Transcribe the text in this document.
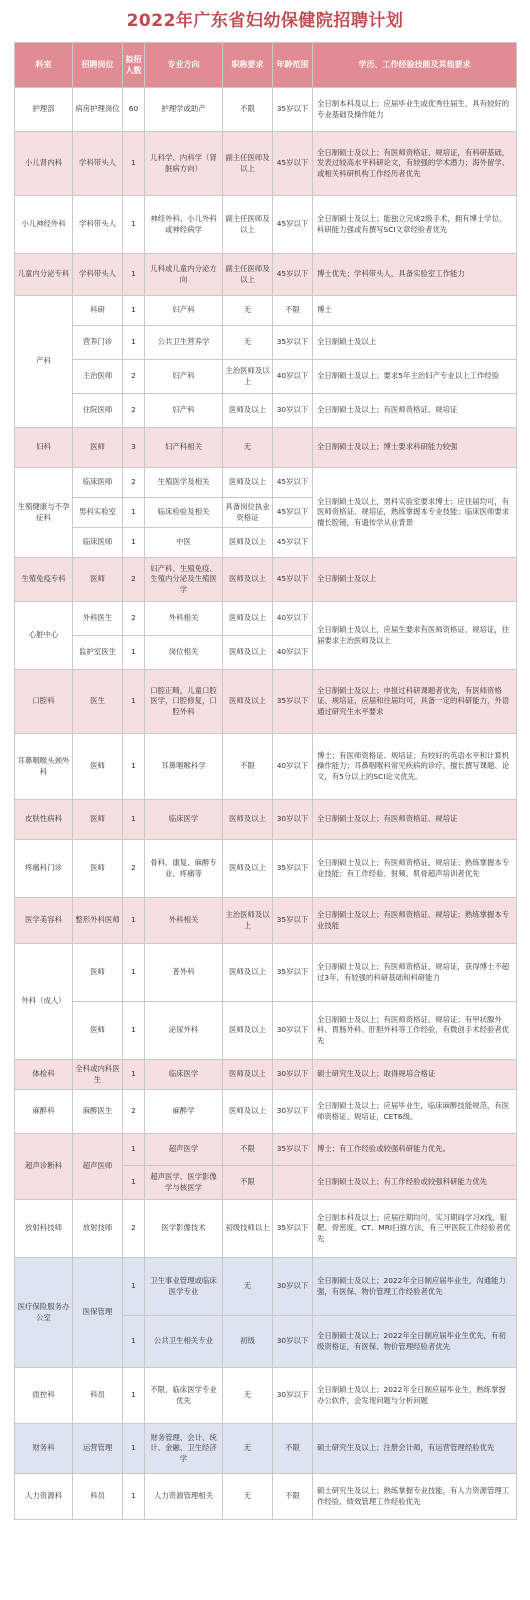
2022年广东省妇幼保健院招聘计划
科室	招聘岗位	拟招人数	专业方向	职称要求	年龄范围	学历、工作经验技能及其他要求
护理部	病房护理岗位	60	护理学或助产	不限	35岁以下	全日制本科及以上；应届毕业生或优秀往届生，具有较好的专业基础及操作能力
小儿肾内科	学科带头人	1	儿科学、内科学（肾脏病方向）	副主任医师及以上	45岁以下	全日制硕士及以上；有医师资格证、规培证，有科研基础，发表过较高水平科研论文，有较强的学术潜力；海外留学、或相关科研机构工作经历者优先
小儿神经外科	学科带头人	1	神经外科、小儿外科或神经病学	副主任医师及以上	45岁以下	全日制硕士及以上；能独立完成2级手术，拥有博士学位、科研能力强或有撰写SCI文章经验者优先
儿童内分泌专科	学科带头人	1	儿科或儿童内分泌方向	副主任医师及以上	45岁以下	博士优先；学科带头人，具备实验室工作能力
产科	科研	1	妇产科	无	不限	博士
	营养门诊	1	公共卫生营养学	无	35岁以下	全日制硕士及以上
	主治医师	2	妇产科	主治医师及以上	40岁以下	全日制硕士及以上；要求5年主治妇产专业以上工作经验
	住院医师	2	妇产科	医师及以上	30岁以下	全日制硕士及以上；有医师资格证、规培证
妇科	医师	3	妇产科相关	无		全日制硕士及以上；博士要求科研能力较强
生殖健康与不孕症科	临床医师	2	生殖医学及相关	医师及以上	45岁以下	全日制硕士及以上，男科实验室要求博士；应往届均可，有医师资格证、规培证，熟练掌握本专业技能；临床医师要求擅长腔镜，有遗传学从业背景
	男科实验室	1	临床检验及相关	具备岗位执业资格证	45岁以下	
	临床医师	1	中医	医师及以上	45岁以下	
生殖免疫专科	医师	2	妇产科、生殖免疫、生殖内分泌及生殖医学	医师及以上	45岁以下	全日制硕士及以上
心脏中心	外科医生	2	外科相关	医师及以上	40岁以下	全日制硕士及以上，应届生要求有医师资格证、规培证，往届要求主治医师及以上
	监护室医生	1	岗位相关	医师及以上	40岁以下	
口腔科	医生	1	口腔正畸，儿童口腔医学，口腔修复，口腔外科	医师及以上	35岁以下	全日制硕士及以上；申报过科研课题者优先，有医师资格证、规培证，应届和往届均可，具备一定的科研能力，外语通过研究生水平要求
耳鼻咽喉头颈外科	医师	1	耳鼻咽喉科学	不限	40岁以下	博士；有医师资格证、规培证；有较好的英语水平和计算机操作能力；耳鼻咽喉科常见疾病的诊疗，擅长撰写课题、论文，有5分以上的SCI论文优先。
皮肤性病科	医师	1	临床医学	医师及以上	30岁以下	全日制硕士及以上；有医师资格证、规培证
疼痛科门诊	医师	2	骨科、康复、麻醉专业、疼痛等	医师及以上	35岁以下	全日制硕士及以上；有医师资格证、规培证；熟练掌握本专业技能；有工作经验、射频、肌骨超声培训者优先
医学美容科	整形外科医师	1	外科相关	主治医师及以上	35岁以下	全日制硕士及以上；有医师资格证、规培证；熟练掌握本专业技能
外科（成人）	医师	1	普外科	医师及以上	35岁以下	全日制硕士及以上；有医师资格证、规培证，获得博士不超过3年，有较强的科研基础和科研能力
	医师	1	泌尿外科	医师及以上	30岁以下	全日制硕士及以上；有医师资格证、规培证；有甲状腺外科、胃肠外科、肝胆外科等工作经验，有微创手术经验者优先
体检科	全科或内科医生	1	临床医学	医师及以上	30岁以下	硕士研究生及以上；取得规培合格证
麻醉科	麻醉医生	2	麻醉学	医师及以上	30岁以下	全日制硕士及以上；应届毕业生，临床麻醉技能规范，有医师资格证、规培证，CET6级。
超声诊断科	超声医师	1	超声医学	不限	35岁以下	博士；有工作经验或较强科研能力优先。
		1	超声医学、医学影像学与核医学	不限		全日制硕士及以上；有工作经验或较强科研能力优先
放射科技师	放射技师	2	医学影像技术	初级技师以上	35岁以下	全日制本科及以上；应届往期均可，实习期间学习X线、钼靶、骨密度、CT、MRI扫描方法，有三甲医院工作经验者优先
医疗保险服务办公室	医保管理	1	卫生事业管理或临床医学专业	无	30岁以下	全日制硕士及以上；2022年全日制应届毕业生，沟通能力强，有医保、物价管理工作经验者优先
		1	公共卫生相关专业	初级	30岁以下	全日制硕士及以上；2022年全日制应届毕业生优先，有初级资格证，有医保、物价管理经验者优先
质控科	科员	1	不限，临床医学专业优先	无	30岁以下	全日制硕士及以上；2022年全日制应届毕业生，熟练掌握办公软件，会发现问题与分析问题
财务科	运营管理	1	财务管理、会计、统计、金融、卫生经济学	无	不限	硕士研究生及以上；注册会计师，有运营管理经验优先
人力资源科	科员	1	人力资源管理相关	无	不限	硕士研究生及以上；熟练掌握专业技能，有人力资源管理工作经验、绩效管理工作经验优先
